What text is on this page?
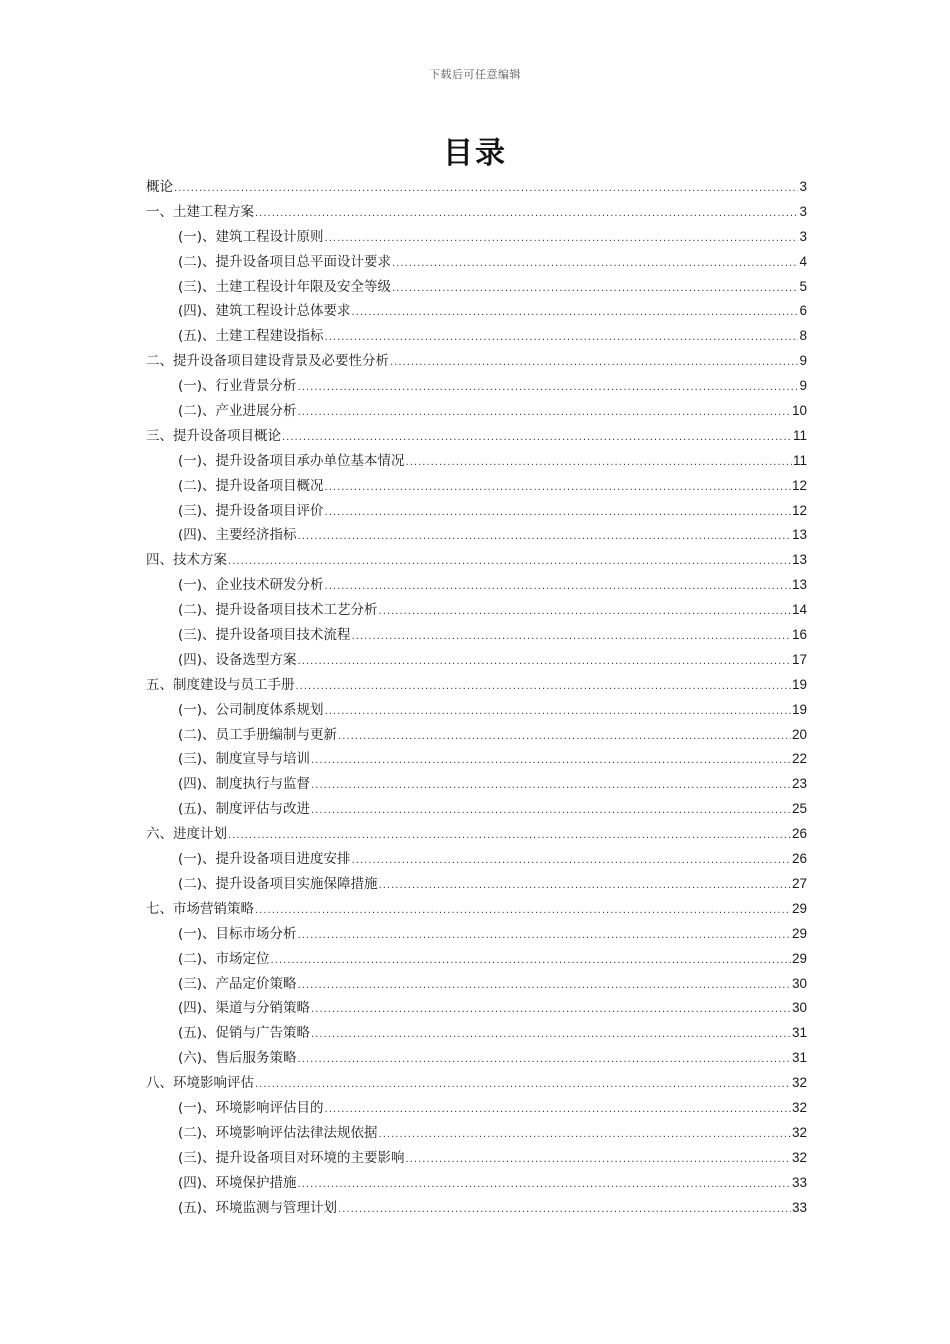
下载后可任意编辑
目录
概论 .....	3
一、土建工程方案 .....	3
(一)、建筑工程设计原则 .....	3
(二)、提升设备项目总平面设计要求 .....	4
(三)、土建工程设计年限及安全等级 .....	5
(四)、建筑工程设计总体要求 .....	6
(五)、土建工程建设指标 .....	8
二、提升设备项目建设背景及必要性分析 .....	9
(一)、行业背景分析 .....	9
(二)、产业进展分析 .....	10
三、提升设备项目概论 .....	11
(一)、提升设备项目承办单位基本情况 .....	11
(二)、提升设备项目概况 .....	12
(三)、提升设备项目评价 .....	12
(四)、主要经济指标 .....	13
四、技术方案 .....	13
(一)、企业技术研发分析 .....	13
(二)、提升设备项目技术工艺分析 .....	14
(三)、提升设备项目技术流程 .....	16
(四)、设备选型方案 .....	17
五、制度建设与员工手册 .....	19
(一)、公司制度体系规划 .....	19
(二)、员工手册编制与更新 .....	20
(三)、制度宣导与培训 .....	22
(四)、制度执行与监督 .....	23
(五)、制度评估与改进 .....	25
六、进度计划 .....	26
(一)、提升设备项目进度安排 .....	26
(二)、提升设备项目实施保障措施 .....	27
七、市场营销策略 .....	29
(一)、目标市场分析 .....	29
(二)、市场定位 .....	29
(三)、产品定价策略 .....	30
(四)、渠道与分销策略 .....	30
(五)、促销与广告策略 .....	31
(六)、售后服务策略 .....	31
八、环境影响评估 .....	32
(一)、环境影响评估目的 .....	32
(二)、环境影响评估法律法规依据 .....	32
(三)、提升设备项目对环境的主要影响 .....	32
(四)、环境保护措施 .....	33
(五)、环境监测与管理计划 .....	33
